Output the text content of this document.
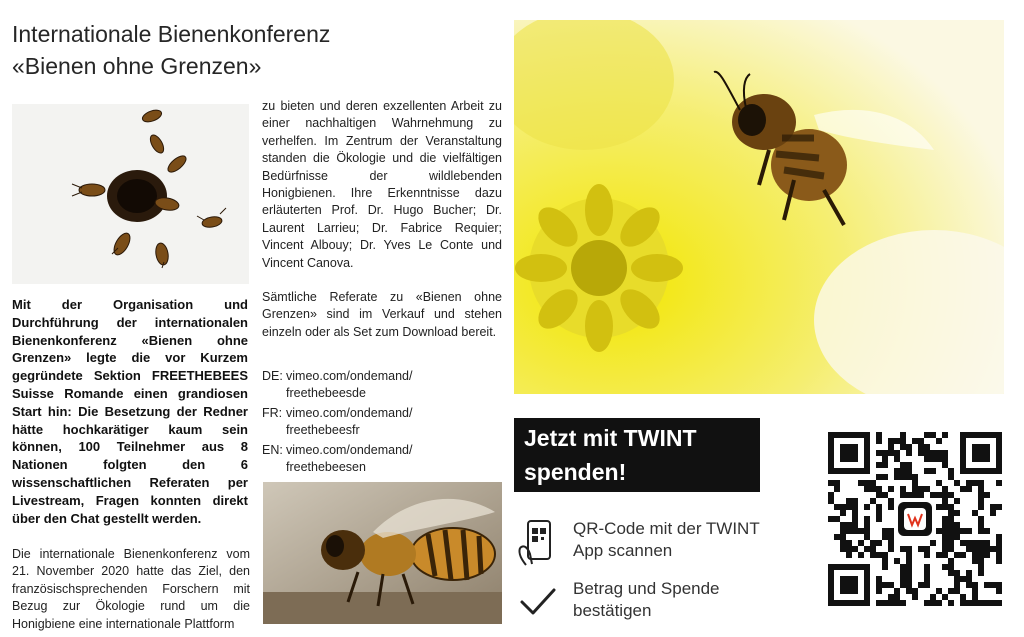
Internationale Bienenkonferenz
«Bienen ohne Grenzen»

Mit der Organisation und Durchführung der internationalen Bienenkonferenz «Bienen ohne Grenzen» legte die vor Kurzem gegründete Sektion FREETHEBEES Suisse Romande einen grandiosen Start hin: Die Besetzung der Redner hätte hochkarätiger kaum sein können, 100 Teilnehmer aus 8 Nationen folgten den 6 wissenschaftlichen Referaten per Livestream, Fragen konnten direkt über den Chat gestellt werden.

Die internationale Bienenkonferenz vom 21. November 2020 hatte das Ziel, den französischsprechenden Forschern mit Bezug zur Ökologie rund um die Honigbiene eine internationale Plattform

zu bieten und deren exzellenten Arbeit zu einer nachhaltigen Wahrnehmung zu verhelfen. Im Zentrum der Veranstaltung standen die Ökologie und die vielfältigen Bedürfnisse der wildlebenden Honigbienen. Ihre Erkenntnisse dazu erläuterten Prof. Dr. Hugo Bucher; Dr. Laurent Larrieu; Dr. Fabrice Requier; Vincent Albouy; Dr. Yves Le Conte und Vincent Canova.

Sämtliche Referate zu «Bienen ohne Grenzen» sind im Verkauf und stehen einzeln oder als Set zum Download bereit.

DE: vimeo.com/ondemand/ freethebeesde
FR: vimeo.com/ondemand/ freethebeesfr
EN: vimeo.com/ondemand/ freethebeesen
Jetzt mit TWINT
spenden!
QR-Code mit der TWINT App scannen
Betrag und Spende bestätigen
